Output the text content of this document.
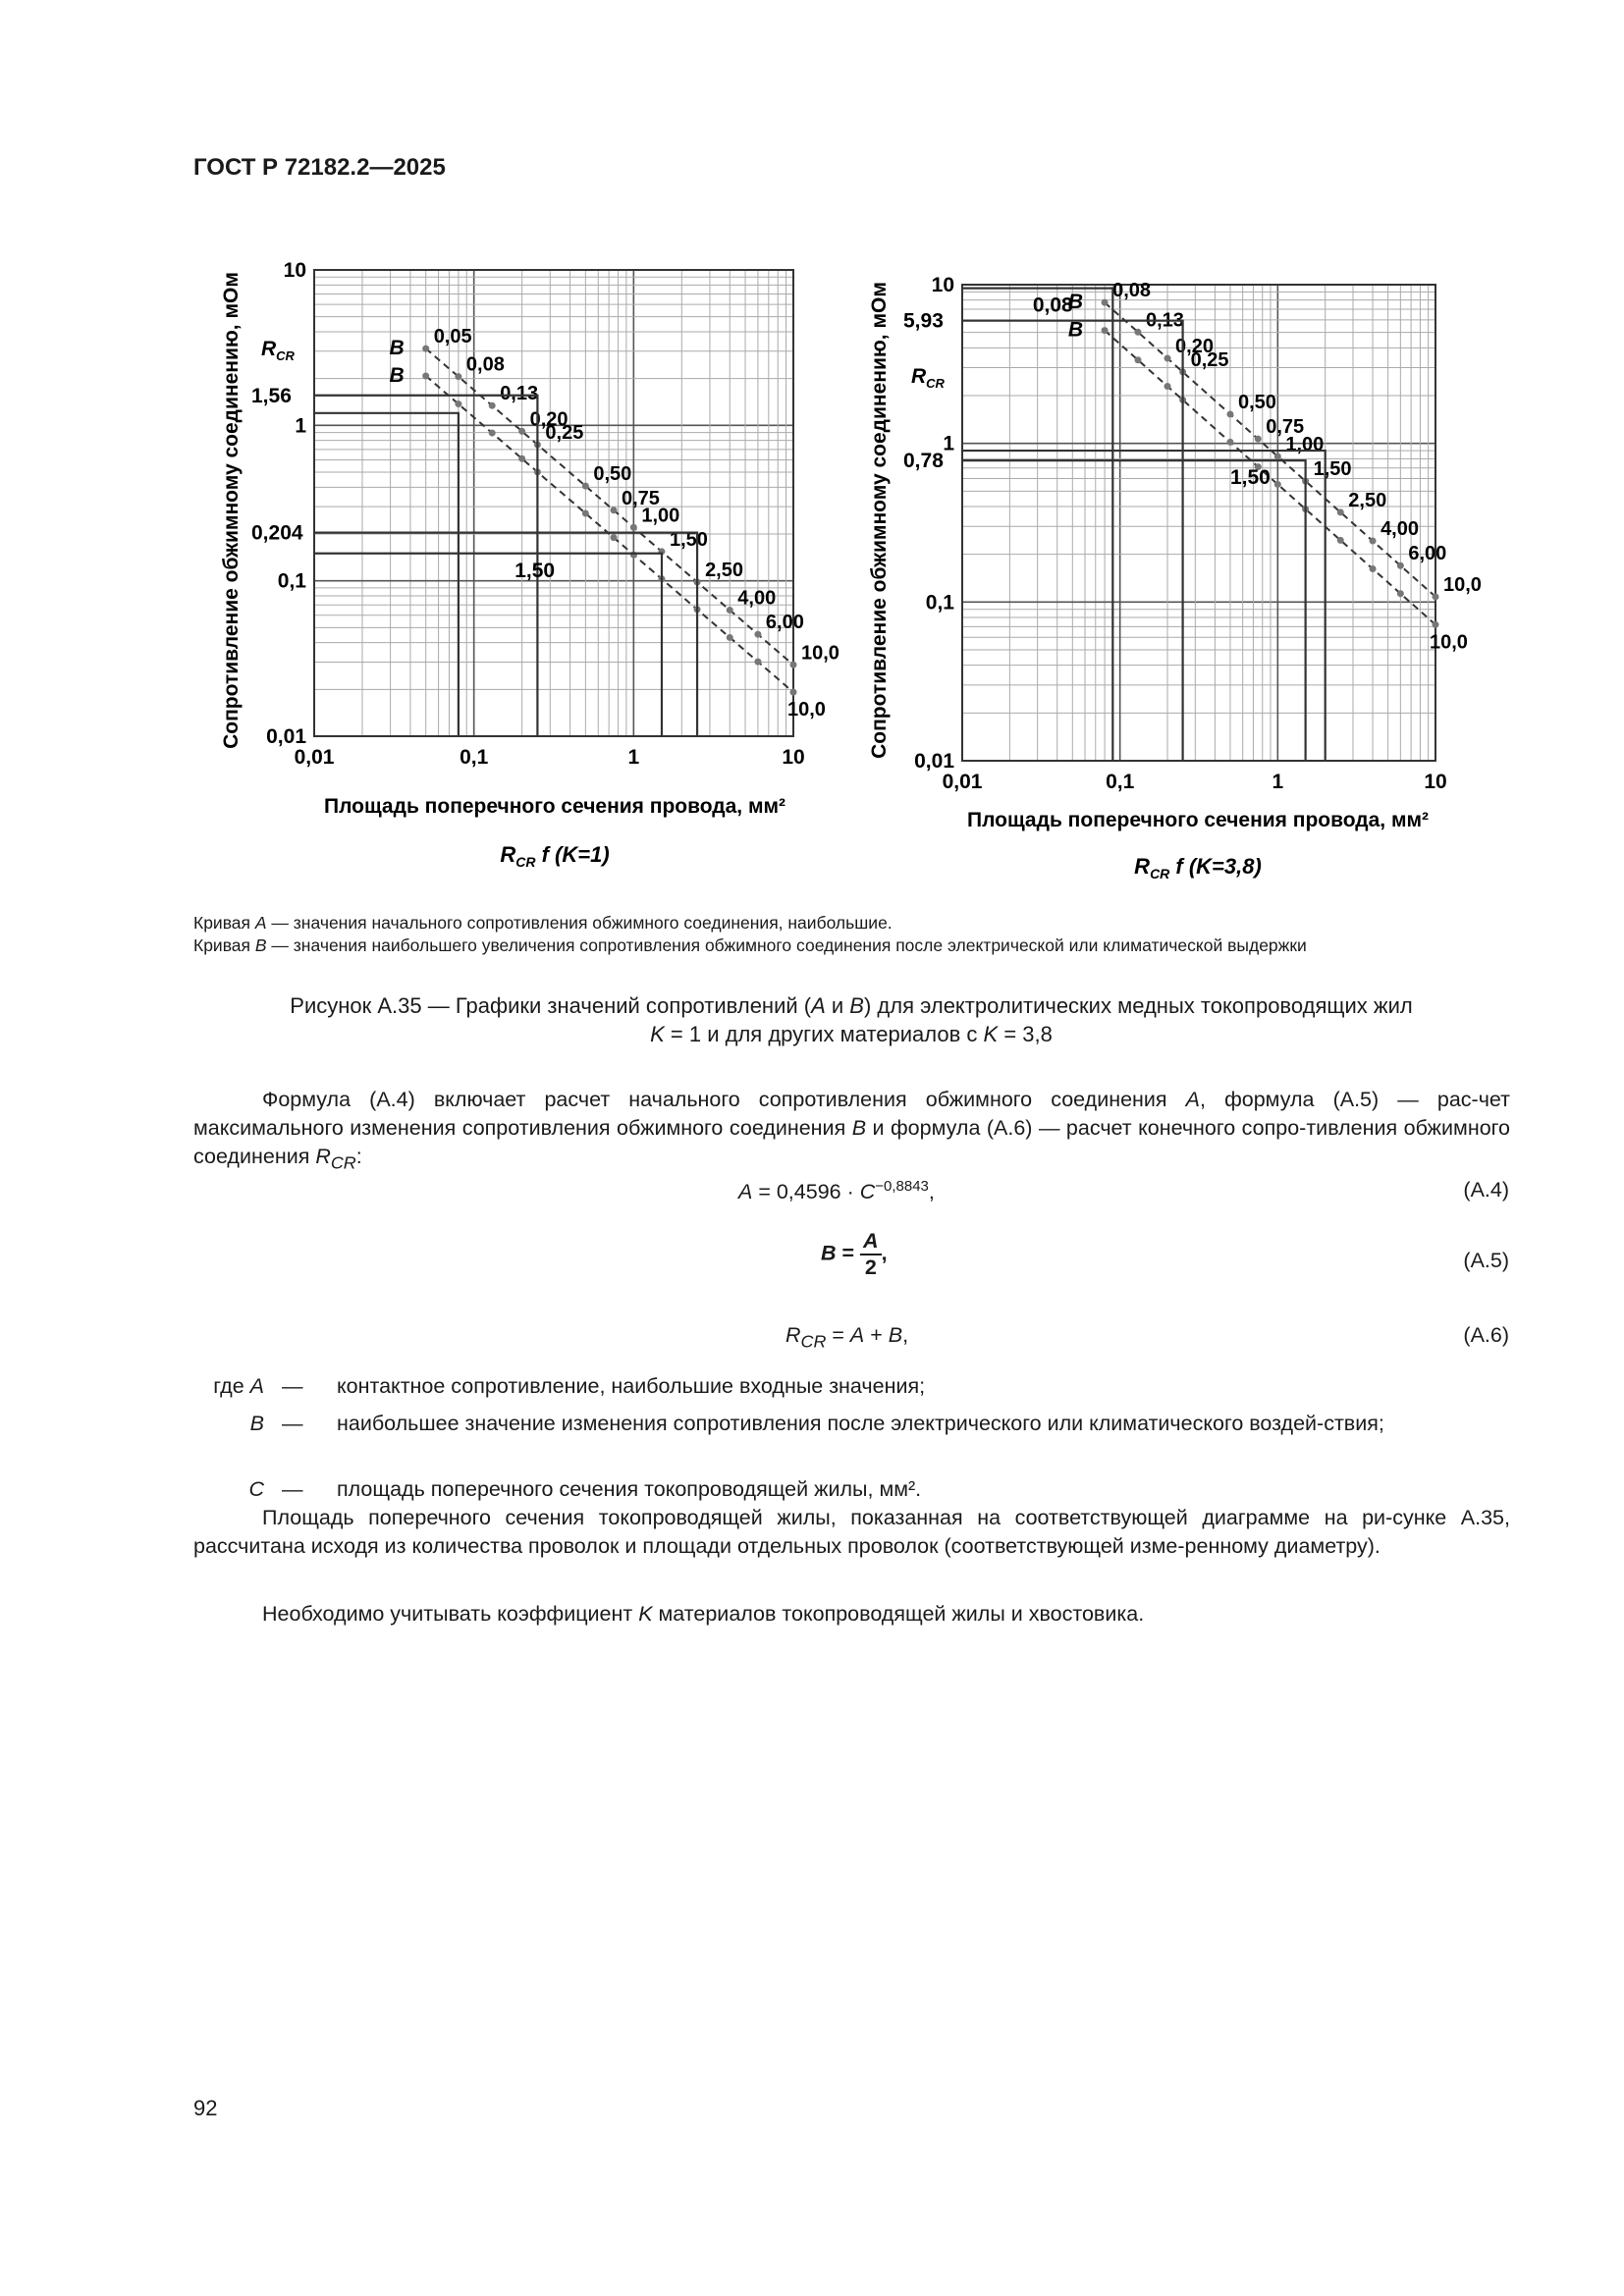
ГОСТ Р 72182.2—2025
0,01	0,1	1	10
0,01
0,1
1
10
0,05
0,08
0,13
0,20
0,25
0,50
0,75
1,00
1,50
2,50
4,00
6,00
10,0
10,0
B
B
Сопротивление обжимному соединению, мОм $R_{CR}$
1,56
0,204
1,50
Площадь поперечного сечения провода, мм²
$R_{CR}$ f (K=1)
0,01	0,1	1	10
0,01
0,1
1
10	0,08
0,13
0,20
0,25
0,50
0,75
1,00
1,50
2,50
4,00
6,00
10,0
10,0
B
B
Сопротивление обжимному соединению, мОм $R_{CR}$
5,93
0,78
0,08
1,50
Площадь поперечного сечения провода, мм²
$R_{CR}$ f (K=3,8)
Кривая A — значения начального сопротивления обжимного соединения, наибольшие.
Кривая B — значения наибольшего увеличения сопротивления обжимного соединения после электрической или климатической выдержки
Рисунок А.35 — Графики значений сопротивлений (A и B) для электролитических медных токопроводящих жил
K = 1 и для других материалов с K = 3,8
Формула (А.4) включает расчет начального сопротивления обжимного соединения A, формула (А.5) — рас-чет максимального изменения сопротивления обжимного соединения B и формула (А.6) — расчет конечного сопро-тивления обжимного соединения $R_{CR}$:
$A = 0,4596 \cdot C^{-0,8843}$,	(А.4)
$B = \frac{A}{2}$ ,	(А.5)
$R_{CR} = A + B$,	(А.6)
где A — контактное сопротивление, наибольшие входные значения;
B — наибольшее значение изменения сопротивления после электрического или климатического воздей-ствия;
C — площадь поперечного сечения токопроводящей жилы, мм².
Площадь поперечного сечения токопроводящей жилы, показанная на соответствующей диаграмме на ри-сунке А.35, рассчитана исходя из количества проволок и площади отдельных проволок (соответствующей изме-ренному диаметру).
Необходимо учитывать коэффициент K материалов токопроводящей жилы и хвостовика.
92
